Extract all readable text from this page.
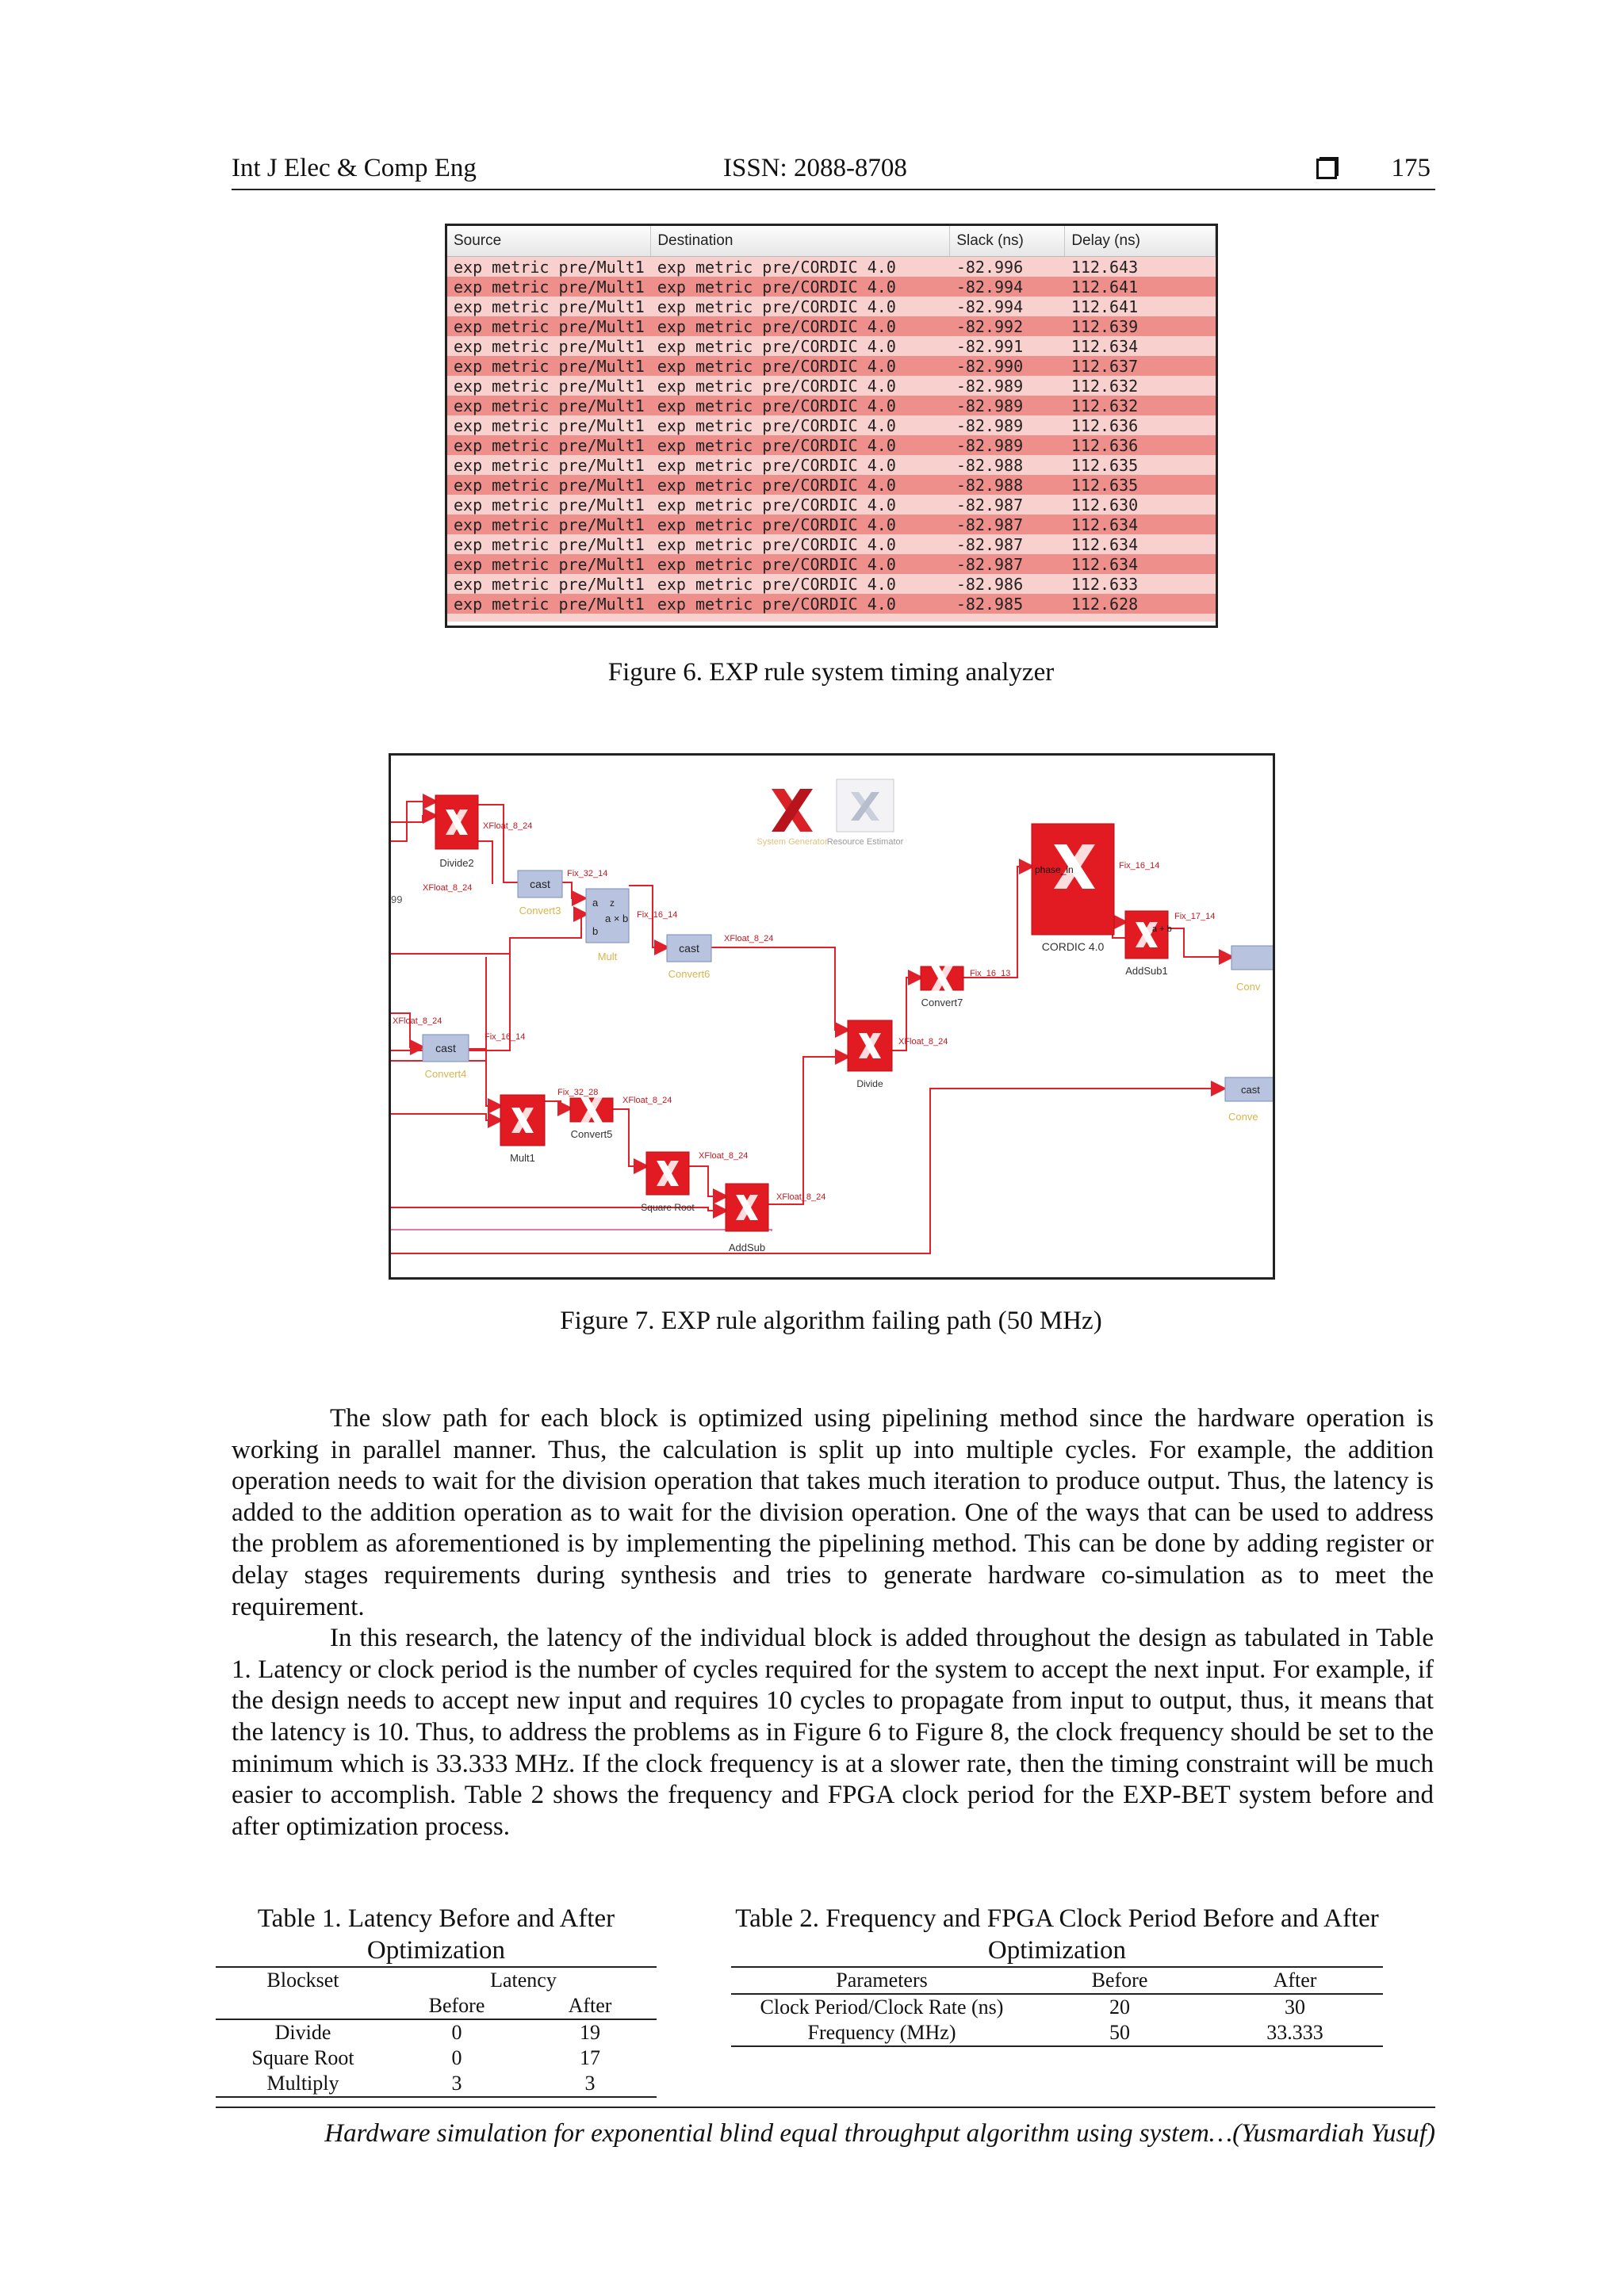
Int J Elec & Comp Eng	ISSN: 2088-8708	175
Source	Destination	Slack (ns)	Delay (ns)
exp metric pre/Mult1	exp metric pre/CORDIC 4.0	-82.996	112.643
exp metric pre/Mult1	exp metric pre/CORDIC 4.0	-82.994	112.641
exp metric pre/Mult1	exp metric pre/CORDIC 4.0	-82.994	112.641
exp metric pre/Mult1	exp metric pre/CORDIC 4.0	-82.992	112.639
exp metric pre/Mult1	exp metric pre/CORDIC 4.0	-82.991	112.634
exp metric pre/Mult1	exp metric pre/CORDIC 4.0	-82.990	112.637
exp metric pre/Mult1	exp metric pre/CORDIC 4.0	-82.989	112.632
exp metric pre/Mult1	exp metric pre/CORDIC 4.0	-82.989	112.632
exp metric pre/Mult1	exp metric pre/CORDIC 4.0	-82.989	112.636
exp metric pre/Mult1	exp metric pre/CORDIC 4.0	-82.989	112.636
exp metric pre/Mult1	exp metric pre/CORDIC 4.0	-82.988	112.635
exp metric pre/Mult1	exp metric pre/CORDIC 4.0	-82.988	112.635
exp metric pre/Mult1	exp metric pre/CORDIC 4.0	-82.987	112.630
exp metric pre/Mult1	exp metric pre/CORDIC 4.0	-82.987	112.634
exp metric pre/Mult1	exp metric pre/CORDIC 4.0	-82.987	112.634
exp metric pre/Mult1	exp metric pre/CORDIC 4.0	-82.987	112.634
exp metric pre/Mult1	exp metric pre/CORDIC 4.0	-82.986	112.633
exp metric pre/Mult1	exp metric pre/CORDIC 4.0	-82.985	112.628

Figure 6. EXP rule system timing analyzer
Divide2
XFloat_8_24
XFloat_8_24
99
cast
Convert3
Fix_32_14
a
b
z
a × b
Mult
Fix_16_14
cast
Convert6
XFloat_8_24
cast
Convert4
Fix_16_14
XFloat_8_24
Mult1
Fix_32_28
Convert5
XFloat_8_24
Square Root
XFloat_8_24
AddSub
XFloat_8_24
Divide
XFloat_8_24
Convert7
Fix_16_13
System Generator Resource Estimator
phase_in
CORDIC 4.0
Fix_16_14
a + b
AddSub1
Fix_17_14
Conv
cast
Conve
Figure 7. EXP rule algorithm failing path (50 MHz)

The slow path for each block is optimized using pipelining method since the hardware operation is working in parallel manner. Thus, the calculation is split up into multiple cycles. For example, the addition operation needs to wait for the division operation that takes much iteration to produce output. Thus, the latency is added to the addition operation as to wait for the division operation. One of the ways that can be used to address the problem as aforementioned is by implementing the pipelining method. This can be done by adding register or delay stages requirements during synthesis and tries to generate hardware co-simulation as to meet the requirement.

In this research, the latency of the individual block is added throughout the design as tabulated in Table 1. Latency or clock period is the number of cycles required for the system to accept the next input. For example, if the design needs to accept new input and requires 10 cycles to propagate from input to output, thus, it means that the latency is 10. Thus, to address the problems as in Figure 6 to Figure 8, the clock frequency should be set to the minimum which is 33.333 MHz. If the clock frequency is at a slower rate, then the timing constraint will be much easier to accomplish. Table 2 shows the frequency and FPGA clock period for the EXP-BET system before and after optimization process.

Table 1. Latency Before and After Optimization
Blockset	Latency	
	Before	After
Divide	0	19
Square Root	0	17
Multiply	3	3
Table 2. Frequency and FPGA Clock Period Before and After Optimization
Parameters	Before	After
Clock Period/Clock Rate (ns)	20	30
Frequency (MHz)	50	33.333
Hardware simulation for exponential blind equal throughput algorithm using system…(Yusmardiah Yusuf)
